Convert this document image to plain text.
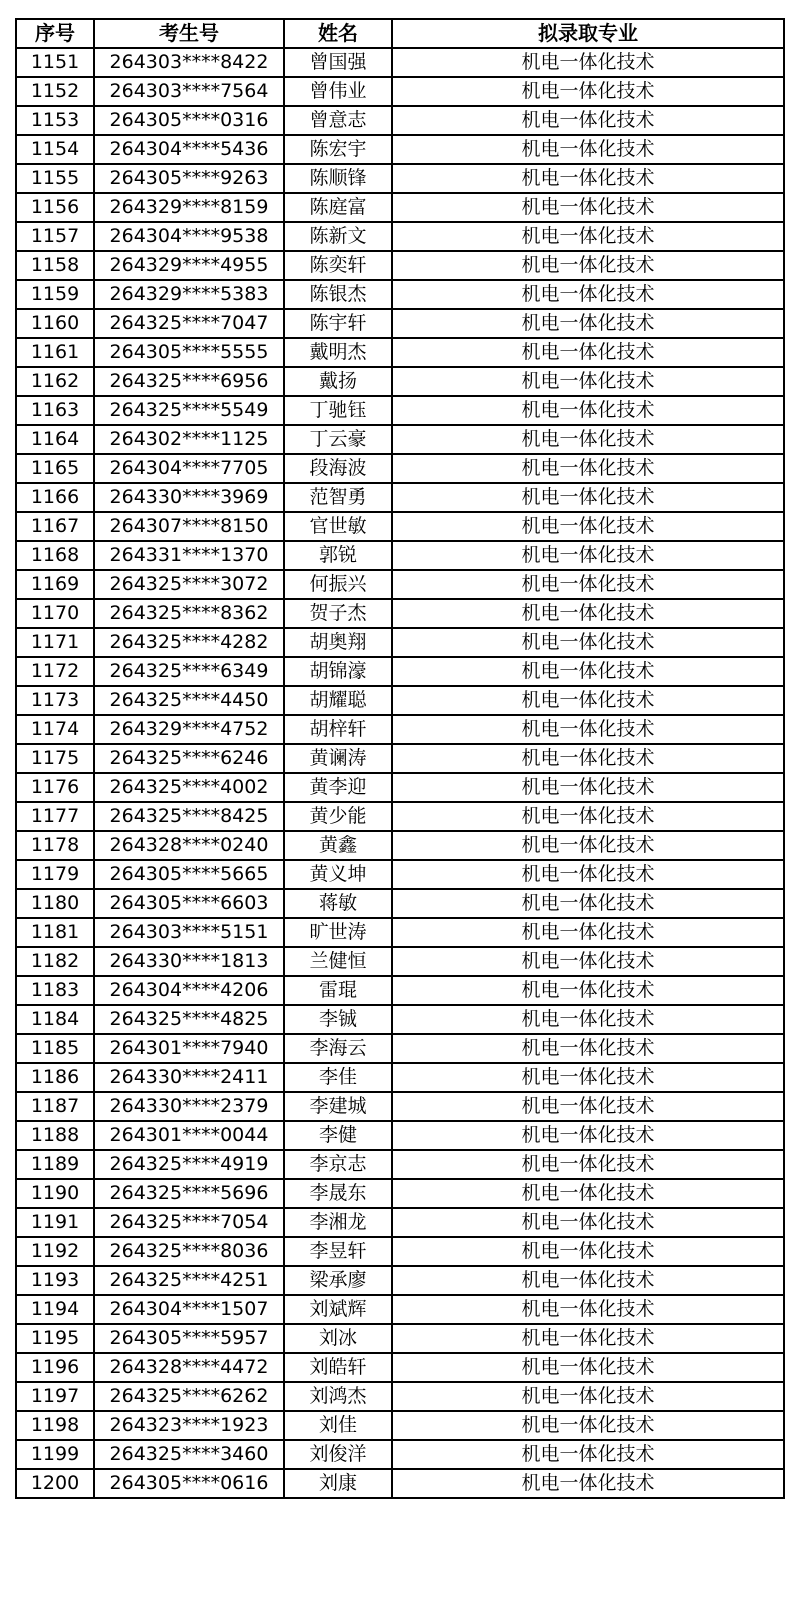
序号	考生号	姓名	拟录取专业
1151	264303****8422	曾国强	机电一体化技术
1152	264303****7564	曾伟业	机电一体化技术
1153	264305****0316	曾意志	机电一体化技术
1154	264304****5436	陈宏宇	机电一体化技术
1155	264305****9263	陈顺锋	机电一体化技术
1156	264329****8159	陈庭富	机电一体化技术
1157	264304****9538	陈新文	机电一体化技术
1158	264329****4955	陈奕轩	机电一体化技术
1159	264329****5383	陈银杰	机电一体化技术
1160	264325****7047	陈宇轩	机电一体化技术
1161	264305****5555	戴明杰	机电一体化技术
1162	264325****6956	戴扬	机电一体化技术
1163	264325****5549	丁驰钰	机电一体化技术
1164	264302****1125	丁云豪	机电一体化技术
1165	264304****7705	段海波	机电一体化技术
1166	264330****3969	范智勇	机电一体化技术
1167	264307****8150	官世敏	机电一体化技术
1168	264331****1370	郭锐	机电一体化技术
1169	264325****3072	何振兴	机电一体化技术
1170	264325****8362	贺子杰	机电一体化技术
1171	264325****4282	胡奥翔	机电一体化技术
1172	264325****6349	胡锦濠	机电一体化技术
1173	264325****4450	胡耀聪	机电一体化技术
1174	264329****4752	胡梓轩	机电一体化技术
1175	264325****6246	黄谰涛	机电一体化技术
1176	264325****4002	黄李迎	机电一体化技术
1177	264325****8425	黄少能	机电一体化技术
1178	264328****0240	黄鑫	机电一体化技术
1179	264305****5665	黄义坤	机电一体化技术
1180	264305****6603	蒋敏	机电一体化技术
1181	264303****5151	旷世涛	机电一体化技术
1182	264330****1813	兰健恒	机电一体化技术
1183	264304****4206	雷琨	机电一体化技术
1184	264325****4825	李铖	机电一体化技术
1185	264301****7940	李海云	机电一体化技术
1186	264330****2411	李佳	机电一体化技术
1187	264330****2379	李建城	机电一体化技术
1188	264301****0044	李健	机电一体化技术
1189	264325****4919	李京志	机电一体化技术
1190	264325****5696	李晟东	机电一体化技术
1191	264325****7054	李湘龙	机电一体化技术
1192	264325****8036	李昱轩	机电一体化技术
1193	264325****4251	梁承廖	机电一体化技术
1194	264304****1507	刘斌辉	机电一体化技术
1195	264305****5957	刘冰	机电一体化技术
1196	264328****4472	刘皓轩	机电一体化技术
1197	264325****6262	刘鸿杰	机电一体化技术
1198	264323****1923	刘佳	机电一体化技术
1199	264325****3460	刘俊洋	机电一体化技术
1200	264305****0616	刘康	机电一体化技术
